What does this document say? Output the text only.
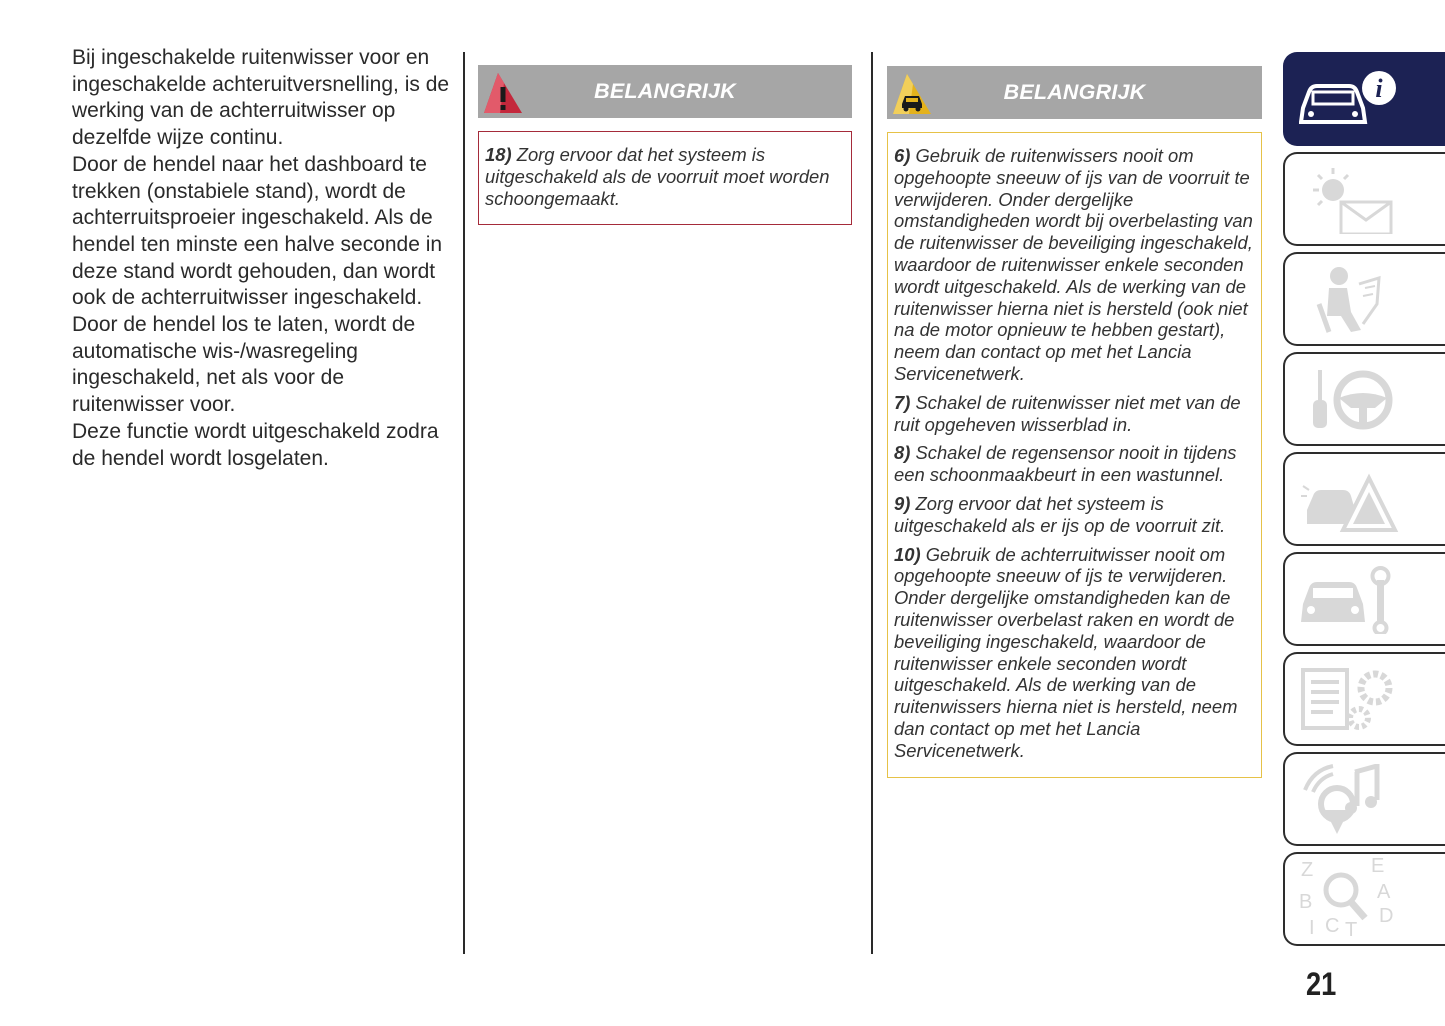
Bij ingeschakelde ruitenwisser voor en ingeschakelde achteruitversnelling, is de werking van de achterruitwisser op dezelfde wijze continu.

Door de hendel naar het dashboard te trekken (onstabiele stand), wordt de achterruitsproeier ingeschakeld. Als de hendel ten minste een halve seconde in deze stand wordt gehouden, dan wordt ook de achterruitwisser ingeschakeld. Door de hendel los te laten, wordt de automatische wis-/wasregeling ingeschakeld, net als voor de ruitenwisser voor.

Deze functie wordt uitgeschakeld zodra de hendel wordt losgelaten.

BELANGRIJK

18) Zorg ervoor dat het systeem is uitgeschakeld als de voorruit moet worden schoongemaakt.

BELANGRIJK

6) Gebruik de ruitenwissers nooit om opgehoopte sneeuw of ijs van de voorruit te verwijderen. Onder dergelijke omstandigheden wordt bij overbelasting van de ruitenwisser de beveiliging ingeschakeld, waardoor de ruitenwisser enkele seconden wordt uitgeschakeld. Als de werking van de ruitenwisser hierna niet is hersteld (ook niet na de motor opnieuw te hebben gestart), neem dan contact op met het Lancia Servicenetwerk.

7) Schakel de ruitenwisser niet met van de ruit opgeheven wisserblad in.

8) Schakel de regensensor nooit in tijdens een schoonmaakbeurt in een wastunnel.

9) Zorg ervoor dat het systeem is uitgeschakeld als er ijs op de voorruit zit.

10) Gebruik de achterruitwisser nooit om opgehoopte sneeuw of ijs te verwijderen. Onder dergelijke omstandigheden kan de ruitenwisser overbelast raken en wordt de beveiliging ingeschakeld, waardoor de ruitenwisser enkele seconden wordt uitgeschakeld. Als de werking van de ruitenwissers hierna niet is hersteld, neem dan contact op met het Lancia Servicenetwerk.

i
Z	E
B	A
I C T
D
21
